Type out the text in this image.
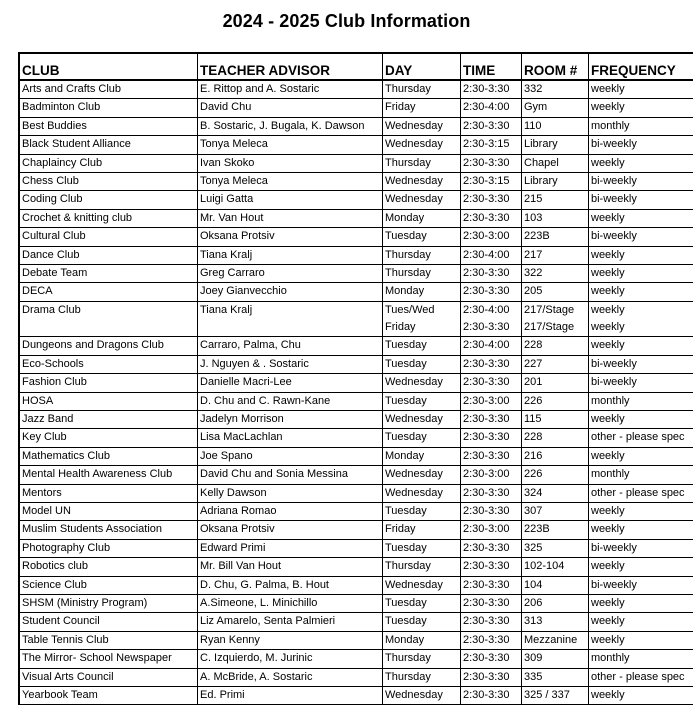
2024 - 2025 Club Information
CLUB	TEACHER ADVISOR	DAY	TIME	ROOM #	FREQUENCY
Arts and Crafts Club	E. Rittop and A. Sostaric	Thursday	2:30-3:30	332	weekly
Badminton Club	David Chu	Friday	2:30-4:00	Gym	weekly
Best Buddies	B. Sostaric, J. Bugala, K. Dawson	Wednesday	2:30-3:30	110	monthly
Black Student Alliance	Tonya Meleca	Wednesday	2:30-3:15	Library	bi-weekly
Chaplaincy Club	Ivan Skoko	Thursday	2:30-3:30	Chapel	weekly
Chess Club	Tonya Meleca	Wednesday	2:30-3:15	Library	bi-weekly
Coding Club	Luigi Gatta	Wednesday	2:30-3:30	215	bi-weekly
Crochet & knitting club	Mr. Van Hout	Monday	2:30-3:30	103	weekly
Cultural Club	Oksana Protsiv	Tuesday	2:30-3:00	223B	bi-weekly
Dance Club	Tiana Kralj	Thursday	2:30-4:00	217	weekly
Debate Team	Greg Carraro	Thursday	2:30-3:30	322	weekly
DECA	Joey Gianvecchio	Monday	2:30-3:30	205	weekly
Drama Club	Tiana Kralj	Tues/Wed	2:30-4:00	217/Stage	weekly
		Friday	2:30-3:30	217/Stage	weekly
Dungeons and Dragons Club	Carraro, Palma, Chu	Tuesday	2:30-4:00	228	weekly
Eco-Schools	J. Nguyen & . Sostaric	Tuesday	2:30-3:30	227	bi-weekly
Fashion Club	Danielle Macri-Lee	Wednesday	2:30-3:30	201	bi-weekly
HOSA	D. Chu and C. Rawn-Kane	Tuesday	2:30-3:00	226	monthly
Jazz Band	Jadelyn Morrison	Wednesday	2:30-3:30	115	weekly
Key Club	Lisa MacLachlan	Tuesday	2:30-3:30	228	other - please spec
Mathematics Club	Joe Spano	Monday	2:30-3:30	216	weekly
Mental Health Awareness Club	David Chu and Sonia Messina	Wednesday	2:30-3:00	226	monthly
Mentors	Kelly Dawson	Wednesday	2:30-3:30	324	other - please spec
Model UN	Adriana Romao	Tuesday	2:30-3:30	307	weekly
Muslim Students Association	Oksana Protsiv	Friday	2:30-3:00	223B	weekly
Photography Club	Edward Primi	Tuesday	2:30-3:30	325	bi-weekly
Robotics club	Mr. Bill Van Hout	Thursday	2:30-3:30	102-104	weekly
Science Club	D. Chu, G. Palma, B. Hout	Wednesday	2:30-3:30	104	bi-weekly
SHSM (Ministry Program)	A.Simeone, L. Minichillo	Tuesday	2:30-3:30	206	weekly
Student Council	Liz Amarelo, Senta Palmieri	Tuesday	2:30-3:30	313	weekly
Table Tennis Club	Ryan Kenny	Monday	2:30-3:30	Mezzanine	weekly
The Mirror- School Newspaper	C. Izquierdo, M. Jurinic	Thursday	2:30-3:30	309	monthly
Visual Arts Council	A. McBride, A. Sostaric	Thursday	2:30-3:30	335	other - please spec
Yearbook Team	Ed. Primi	Wednesday	2:30-3:30	325 / 337	weekly
